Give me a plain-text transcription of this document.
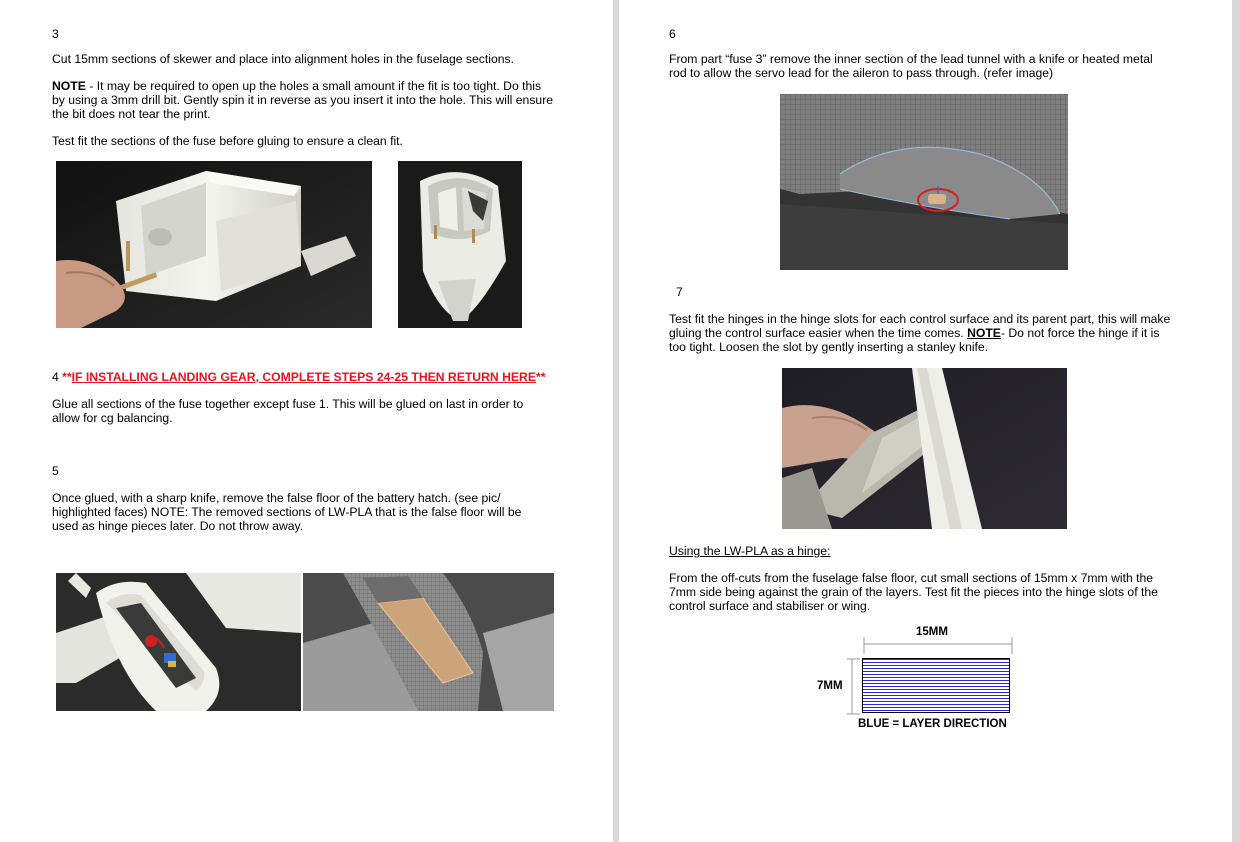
3

Cut 15mm sections of skewer and place into alignment holes in the fuselage sections.

NOTE - It may be required to open up the holes a small amount if the fit is too tight. Do this

by using a 3mm drill bit. Gently spin it in reverse as you insert it into the hole. This will ensure

the bit does not tear the print.

Test fit the sections of the fuse before gluing to ensure a clean fit.

4 **IF INSTALLING LANDING GEAR, COMPLETE STEPS 24-25 THEN RETURN HERE**

Glue all sections of the fuse together except fuse 1. This will be glued on last in order to

allow for cg balancing.

5

Once glued, with a sharp knife, remove the false floor of the battery hatch. (see pic/

highlighted faces) NOTE: The removed sections of LW-PLA that is the false floor will be

used as hinge pieces later. Do not throw away.

6

From part “fuse 3” remove the inner section of the lead tunnel with a knife or heated metal

rod to allow the servo lead for the aileron to pass through. (refer image)

7

Test fit the hinges in the hinge slots for each control surface and its parent part, this will make

gluing the control surface easier when the time comes. NOTE- Do not force the hinge if it is

too tight. Loosen the slot by gently inserting a stanley knife.

Using the LW-PLA as a hinge:

From the off-cuts from the fuselage false floor, cut small sections of 15mm x 7mm with the

7mm side being against the grain of the layers. Test fit the pieces into the hinge slots of the

control surface and stabiliser or wing.

15MM
7MM
BLUE = LAYER DIRECTION
